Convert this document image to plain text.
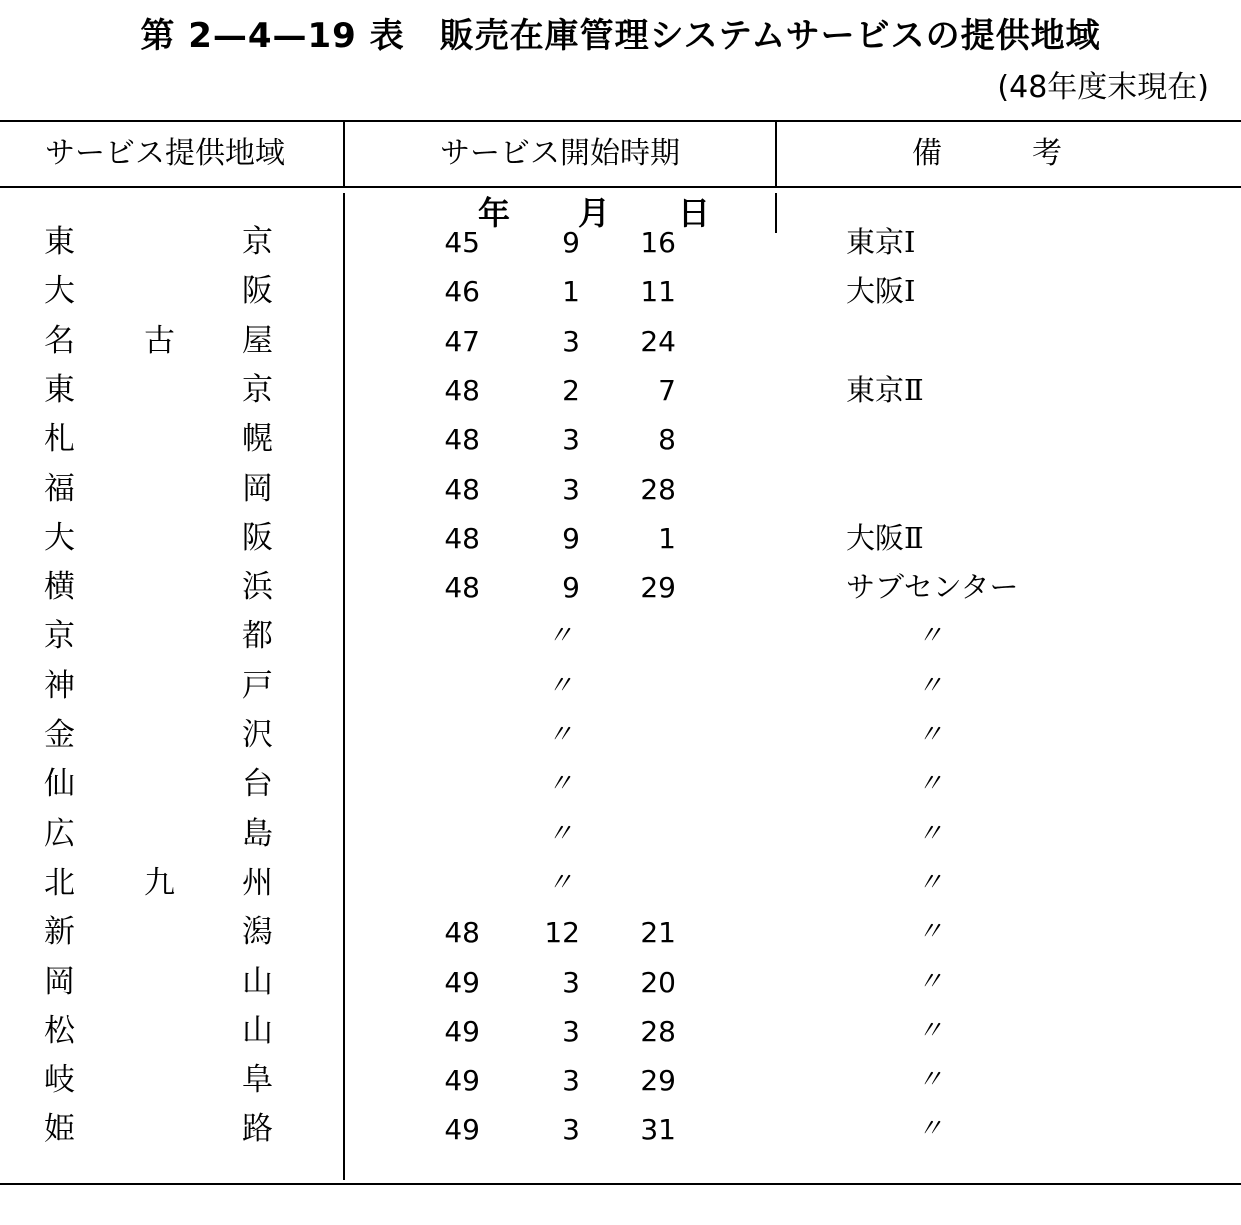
第 2—4—19 表　販売在庫管理システムサービスの提供地域
(48年度末現在)
サービス提供地域	サービス開始時期	備　　　考
年 月 日
東	京	45	9	16	東京Ⅰ
大	阪	46	1	11	大阪Ⅰ
名 古 屋	47	3	24
東	京	48	2	7	東京Ⅱ
札	幌	48	3	8
福	岡	48	3	28
大	阪	48	9	1	大阪Ⅱ
横	浜	48	9	29	サブセンター
京	都	〃	〃
神	戸	〃	〃
金	沢	〃	〃
仙	台	〃	〃
広	島	〃	〃
北 九 州	〃	〃
新	潟	48	12	21	〃
岡	山	49	3	20	〃
松	山	49	3	28	〃
岐	阜	49	3	29	〃
姫	路	49	3	31	〃
